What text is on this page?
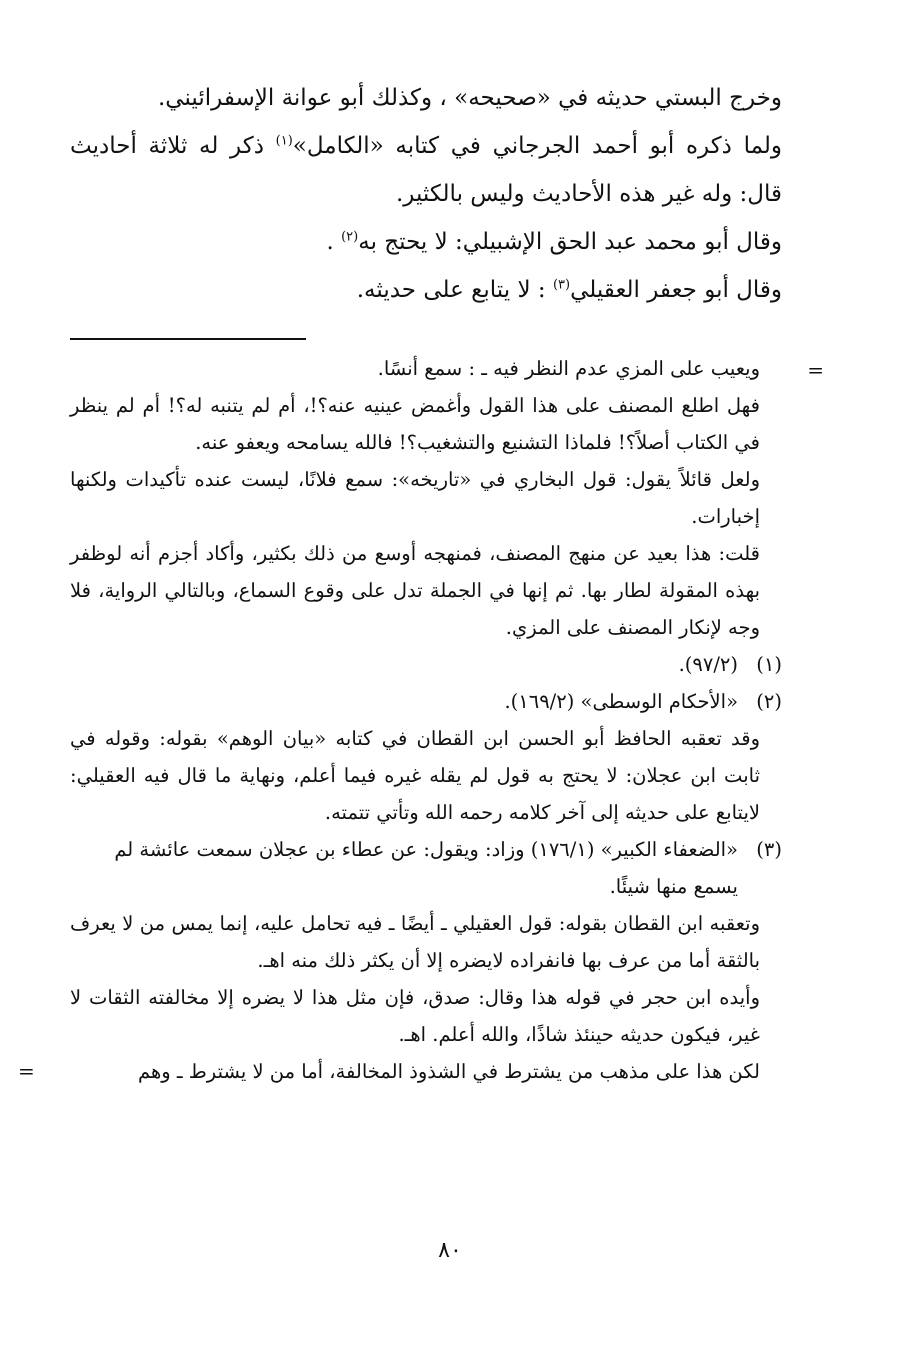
وخرج البستي حديثه في «صحيحه» ، وكذلك أبو عوانة الإسفرائيني.

ولما ذكره أبو أحمد الجرجاني في كتابه «الكامل»$^{(١)}$ ذكر له ثلاثة أحاديث قال: وله غير هذه الأحاديث وليس بالكثير.

وقال أبو محمد عبد الحق الإشبيلي: لا يحتج به$^{(٢)}$ .

وقال أبو جعفر العقيلي$^{(٣)}$ : لا يتابع على حديثه.

=

ويعيب على المزي عدم النظر فيه ـ : سمع أنسًا.

فهل اطلع المصنف على هذا القول وأغمض عينيه عنه؟!، أم لم يتنبه له؟! أم لم ينظر في الكتاب أصلاً؟! فلماذا التشنيع والتشغيب؟! فالله يسامحه ويعفو عنه.

ولعل قائلاً يقول: قول البخاري في «تاريخه»: سمع فلانًا، ليست عنده تأكيدات ولكنها إخبارات.

قلت: هذا بعيد عن منهج المصنف، فمنهجه أوسع من ذلك بكثير، وأكاد أجزم أنه لوظفر بهذه المقولة لطار بها. ثم إنها في الجملة تدل على وقوع السماع، وبالتالي الرواية، فلا وجه لإنكار المصنف على المزي.

(١)
(٩٧/٢).
(٢)
«الأحكام الوسطى» (١٦٩/٢).

وقد تعقبه الحافظ أبو الحسن ابن القطان في كتابه «بيان الوهم» بقوله: وقوله في ثابت ابن عجلان: لا يحتج به قول لم يقله غيره فيما أعلم، ونهاية ما قال فيه العقيلي: لايتابع على حديثه إلى آخر كلامه رحمه الله وتأتي تتمته.

(٣)
«الضعفاء الكبير» (١٧٦/١) وزاد: ويقول: عن عطاء بن عجلان سمعت عائشة لم يسمع منها شيئًا.

وتعقبه ابن القطان بقوله: قول العقيلي ـ أيضًا ـ فيه تحامل عليه، إنما يمس من لا يعرف بالثقة أما من عرف بها فانفراده لايضره إلا أن يكثر ذلك منه اهـ.

وأيده ابن حجر في قوله هذا وقال: صدق، فإن مثل هذا لا يضره إلا مخالفته الثقات لا غير، فيكون حديثه حينئذ شاذًا، والله أعلم. اهـ.

لكن هذا على مذهب من يشترط في الشذوذ المخالفة، أما من لا يشترط ـ وهم
=

٨٠
